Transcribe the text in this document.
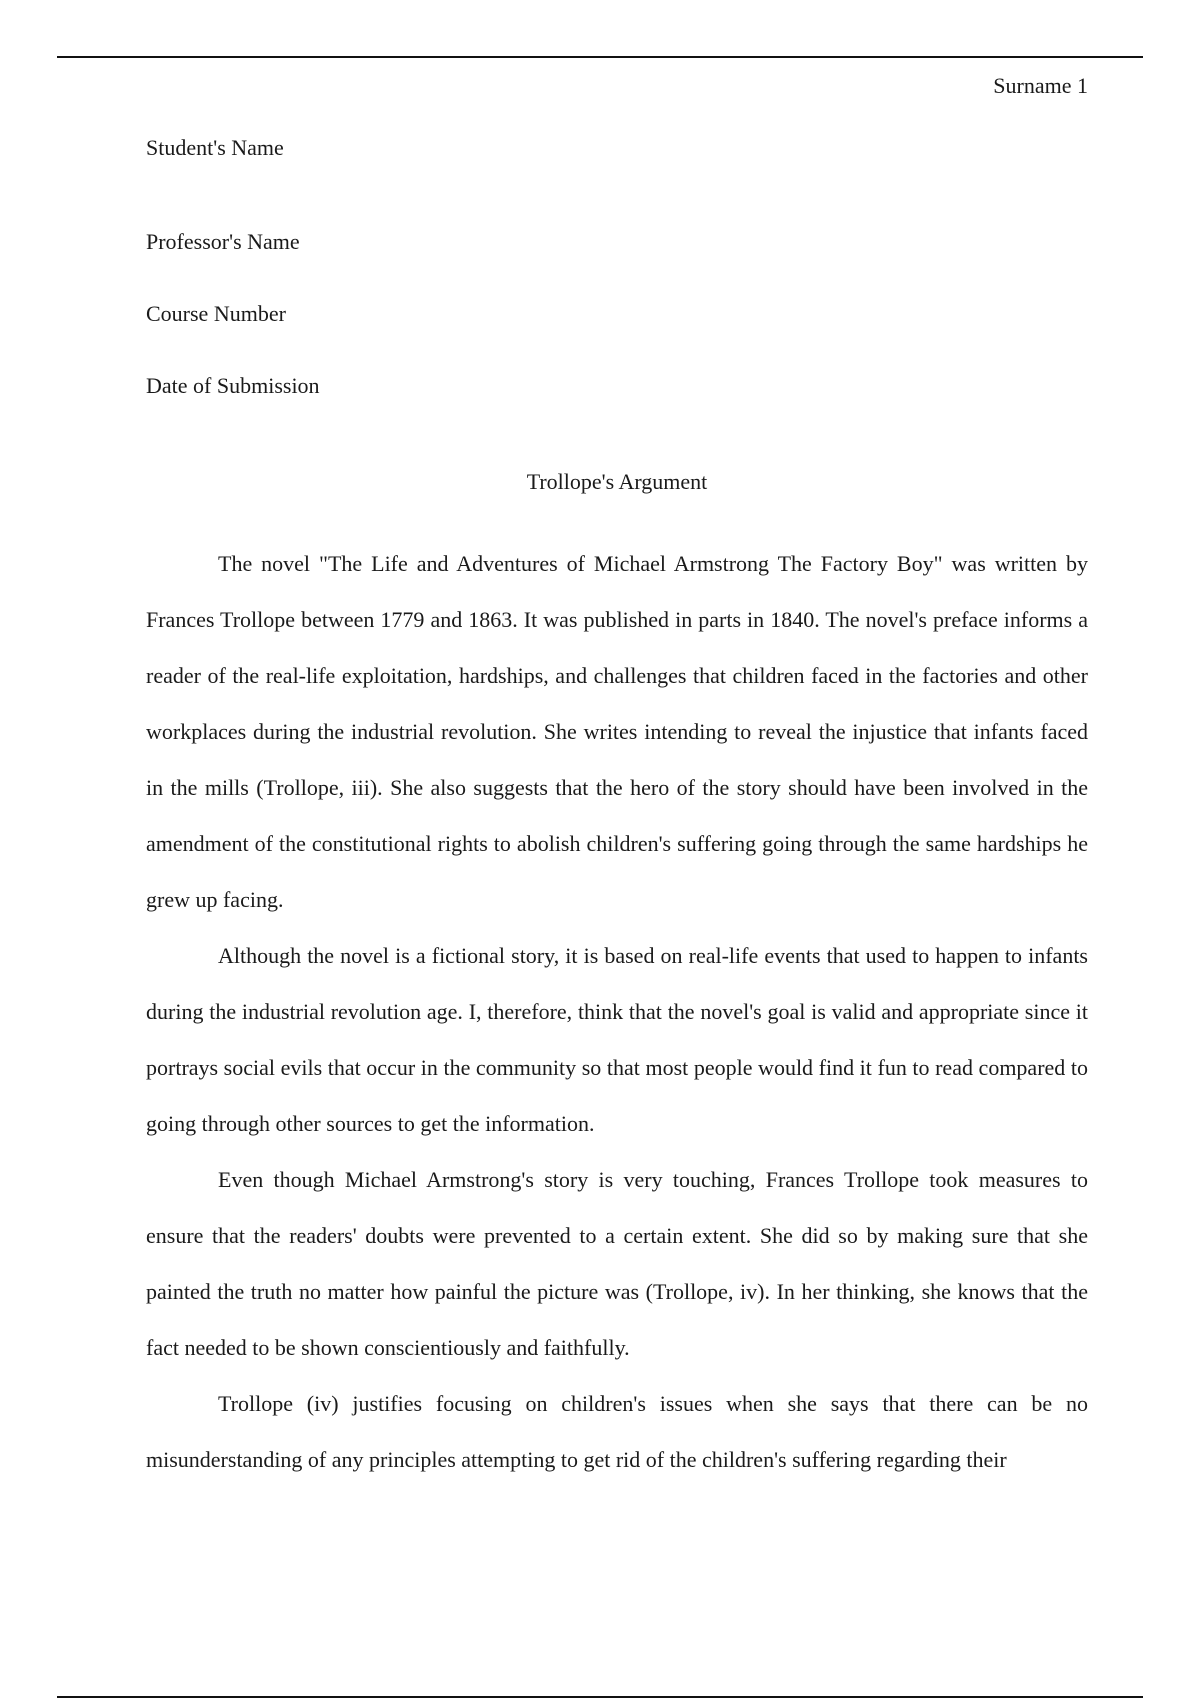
Surname 1

Student's Name

Professor's Name

Course Number

Date of Submission

Trollope's Argument

The novel "The Life and Adventures of Michael Armstrong The Factory Boy" was written by Frances Trollope between 1779 and 1863. It was published in parts in 1840. The novel's preface informs a reader of the real-life exploitation, hardships, and challenges that children faced in the factories and other workplaces during the industrial revolution. She writes intending to reveal the injustice that infants faced in the mills (Trollope, iii). She also suggests that the hero of the story should have been involved in the amendment of the constitutional rights to abolish children's suffering going through the same hardships he grew up facing.

Although the novel is a fictional story, it is based on real-life events that used to happen to infants during the industrial revolution age. I, therefore, think that the novel's goal is valid and appropriate since it portrays social evils that occur in the community so that most people would find it fun to read compared to going through other sources to get the information.

Even though Michael Armstrong's story is very touching, Frances Trollope took measures to ensure that the readers' doubts were prevented to a certain extent. She did so by making sure that she painted the truth no matter how painful the picture was (Trollope, iv). In her thinking, she knows that the fact needed to be shown conscientiously and faithfully.

Trollope (iv) justifies focusing on children's issues when she says that there can be no misunderstanding of any principles attempting to get rid of the children's suffering regarding their
